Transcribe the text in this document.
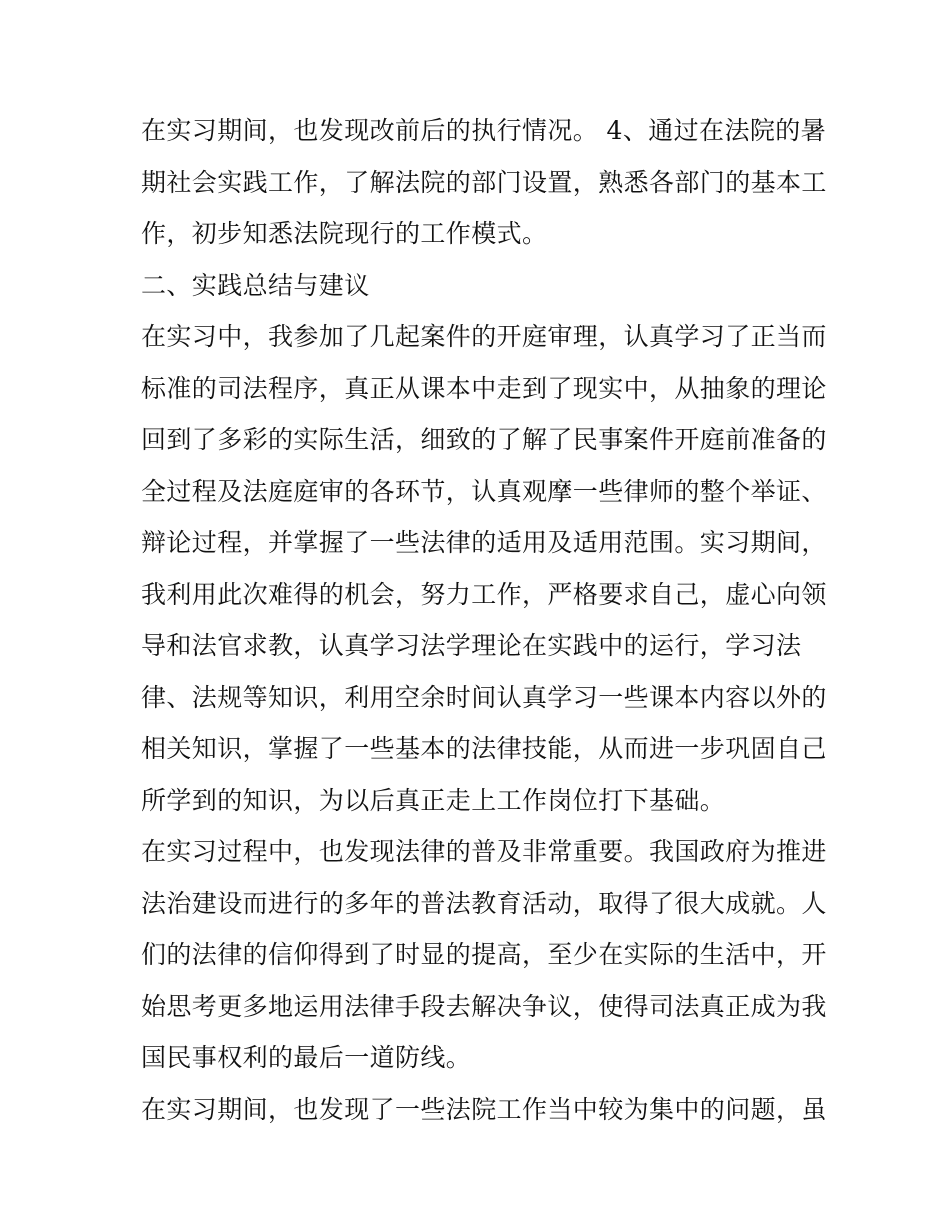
在实习期间，也发现改前后的执行情况。 4、通过在法院的暑
期社会实践工作，了解法院的部门设置，熟悉各部门的基本工
作，初步知悉法院现行的工作模式。
二、实践总结与建议
在实习中，我参加了几起案件的开庭审理，认真学习了正当而
标准的司法程序，真正从课本中走到了现实中，从抽象的理论
回到了多彩的实际生活，细致的了解了民事案件开庭前准备的
全过程及法庭庭审的各环节，认真观摩一些律师的整个举证、
辩论过程，并掌握了一些法律的适用及适用范围。实习期间，
我利用此次难得的机会，努力工作，严格要求自己，虚心向领
导和法官求教，认真学习法学理论在实践中的运行，学习法
律、法规等知识，利用空余时间认真学习一些课本内容以外的
相关知识，掌握了一些基本的法律技能，从而进一步巩固自己
所学到的知识，为以后真正走上工作岗位打下基础。
在实习过程中，也发现法律的普及非常重要。我国政府为推进
法治建设而进行的多年的普法教育活动，取得了很大成就。人
们的法律的信仰得到了时显的提高，至少在实际的生活中，开
始思考更多地运用法律手段去解决争议，使得司法真正成为我
国民事权利的最后一道防线。
在实习期间，也发现了一些法院工作当中较为集中的问题，虽
